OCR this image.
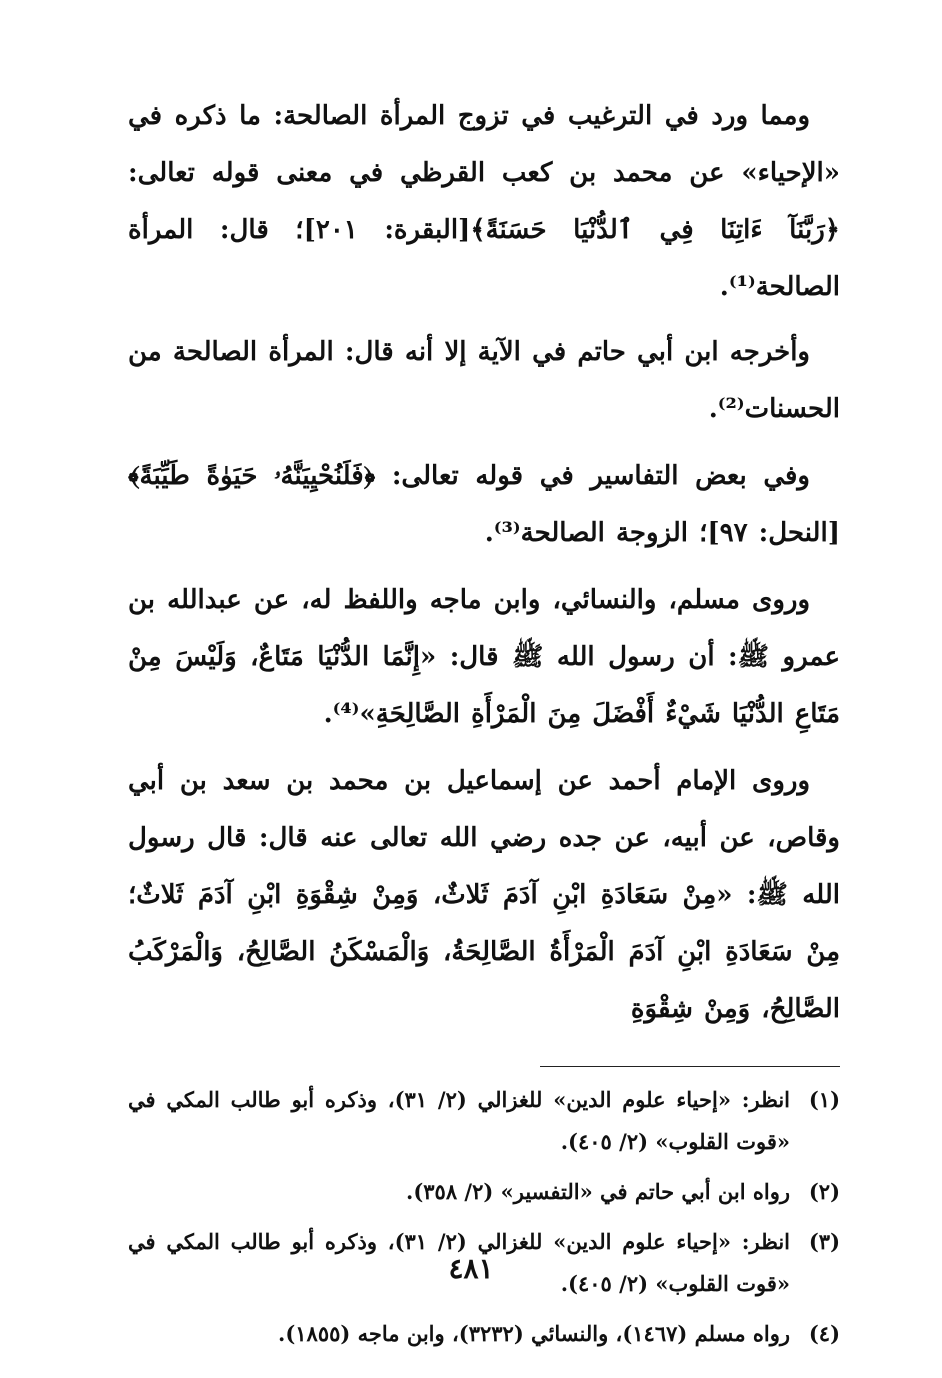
ومما ورد في الترغيب في تزوج المرأة الصالحة: ما ذكره في «الإحياء» عن محمد بن كعب القرظي في معنى قوله تعالى: ﴿رَبَّنَآ ءَاتِنَا فِي ٱلدُّنْيَا حَسَنَةً﴾[البقرة: ٢٠١]؛ قال: المرأة الصالحة⁽¹⁾.

وأخرجه ابن أبي حاتم في الآية إلا أنه قال: المرأة الصالحة من الحسنات⁽²⁾.

وفي بعض التفاسير في قوله تعالى: ﴿فَلَنُحْيِيَنَّهُۥ حَيَوٰةً طَيِّبَةً﴾[النحل: ٩٧]؛ الزوجة الصالحة⁽³⁾.

وروى مسلم، والنسائي، وابن ماجه واللفظ له، عن عبدالله بن عمرو ﷺ: أن رسول الله ﷺ قال: «إِنَّمَا الدُّنْيَا مَتَاعٌ، وَلَيْسَ مِنْ مَتَاعِ الدُّنْيَا شَيْءٌ أَفْضَلَ مِنَ الْمَرْأَةِ الصَّالِحَةِ»⁽⁴⁾.

وروى الإمام أحمد عن إسماعيل بن محمد بن سعد بن أبي وقاص، عن أبيه، عن جده رضي الله تعالى عنه قال: قال رسول الله ﷺ: «مِنْ سَعَادَةِ ابْنِ آدَمَ ثَلاثٌ، وَمِنْ شِقْوَةِ ابْنِ آدَمَ ثَلاثٌ؛ مِنْ سَعَادَةِ ابْنِ آدَمَ الْمَرْأَةُ الصَّالِحَةُ، وَالْمَسْكَنُ الصَّالِحُ، وَالْمَرْكَبُ الصَّالِحُ، وَمِنْ شِقْوَةِ

(١)
انظر: «إحياء علوم الدين» للغزالي (٢/ ٣١)، وذكره أبو طالب المكي في «قوت القلوب» (٢/ ٤٠٥).
(٢)
رواه ابن أبي حاتم في «التفسير» (٢/ ٣٥٨).
(٣)
انظر: «إحياء علوم الدين» للغزالي (٢/ ٣١)، وذكره أبو طالب المكي في «قوت القلوب» (٢/ ٤٠٥).
(٤)
رواه مسلم (١٤٦٧)، والنسائي (٣٢٣٢)، وابن ماجه (١٨٥٥).
٤٨١
